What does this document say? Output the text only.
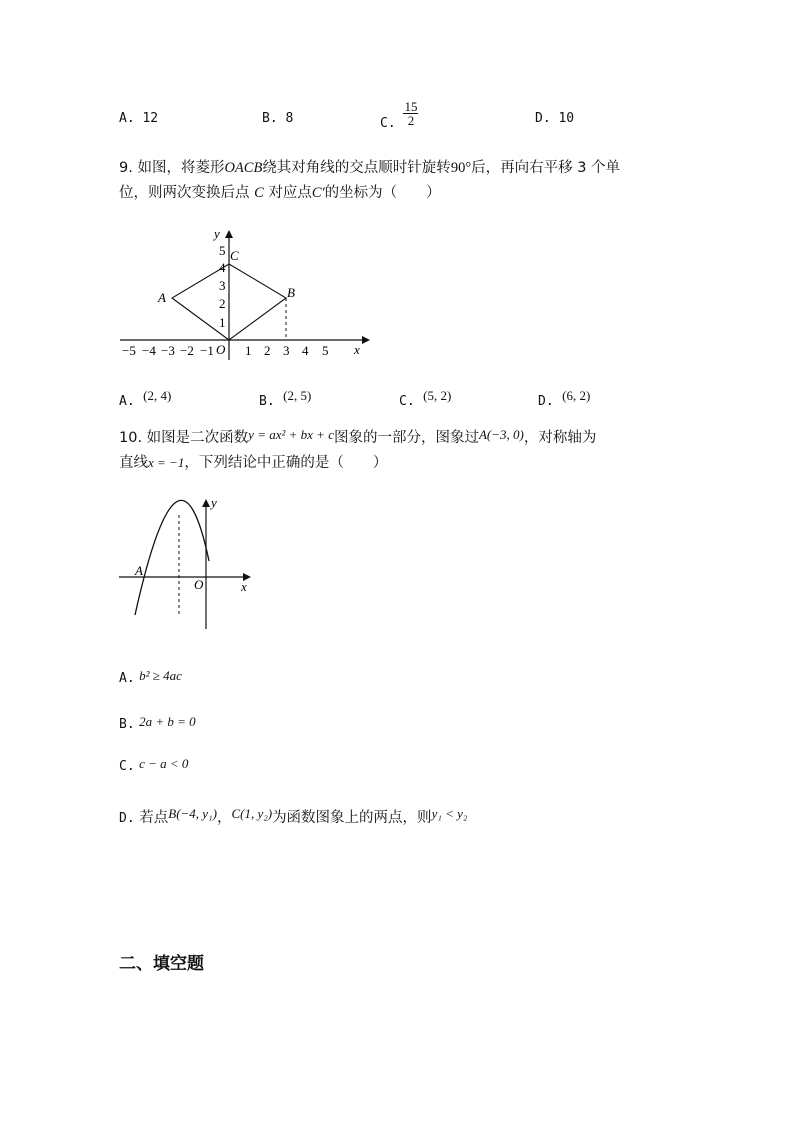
A. 12	B. 8	C. $\frac{15}{2}$	D. 10
9. 如图，将菱形OACB绕其对角线的交点顺时针旋转90°后，再向右平移 3 个单
位，则两次变换后点 C 对应点C'的坐标为（　　）
y
x
O
A	B
C
−5 −4 −3 −2 −1 1 2 3 4 5
1
2
3
4
5
A. (2, 4)	B. (2, 5)	C. (5, 2)	D. (6, 2)
10. 如图是二次函数y = ax² + bx + c图象的一部分，图象过A(−3, 0)，对称轴为
直线x = −1，下列结论中正确的是（　　）
y
x
O
A
A. b² ≥ 4ac
B. 2a + b = 0
C. c − a < 0
D. 若点B(−4, y₁)，C(1, y₂)为函数图象上的两点，则y₁ < y₂
二、填空题
